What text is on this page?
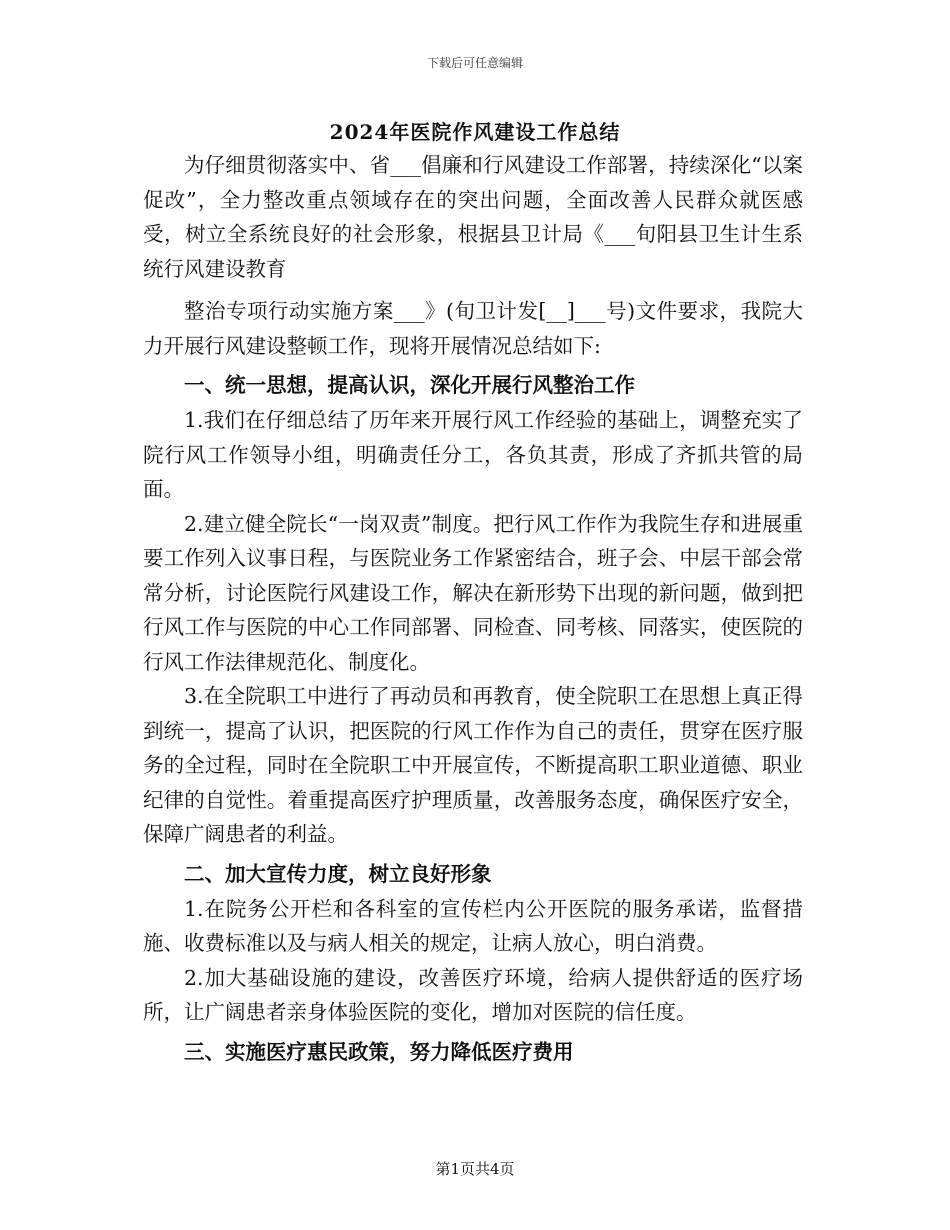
下载后可任意编辑
2024年医院作风建设工作总结

为仔细贯彻落实中、省___倡廉和行风建设工作部署，持续深化“以案促改”，全力整改重点领域存在的突出问题，全面改善人民群众就医感受，树立全系统良好的社会形象，根据县卫计局《___旬阳县卫生计生系统行风建设教育

整治专项行动实施方案___》(旬卫计发[__]___号)文件要求，我院大力开展行风建设整顿工作，现将开展情况总结如下:

一、统一思想，提高认识，深化开展行风整治工作

1.我们在仔细总结了历年来开展行风工作经验的基础上，调整充实了院行风工作领导小组，明确责任分工，各负其责，形成了齐抓共管的局面。

2.建立健全院长“一岗双责”制度。把行风工作作为我院生存和进展重要工作列入议事日程，与医院业务工作紧密结合，班子会、中层干部会常常分析，讨论医院行风建设工作，解决在新形势下出现的新问题，做到把行风工作与医院的中心工作同部署、同检查、同考核、同落实，使医院的行风工作法律规范化、制度化。

3.在全院职工中进行了再动员和再教育，使全院职工在思想上真正得到统一，提高了认识，把医院的行风工作作为自己的责任，贯穿在医疗服务的全过程，同时在全院职工中开展宣传，不断提高职工职业道德、职业纪律的自觉性。着重提高医疗护理质量，改善服务态度，确保医疗安全，保障广阔患者的利益。

二、加大宣传力度，树立良好形象

1.在院务公开栏和各科室的宣传栏内公开医院的服务承诺，监督措施、收费标准以及与病人相关的规定，让病人放心，明白消费。

2.加大基础设施的建设，改善医疗环境，给病人提供舒适的医疗场所，让广阔患者亲身体验医院的变化，增加对医院的信任度。

三、实施医疗惠民政策，努力降低医疗费用
第1页共4页
